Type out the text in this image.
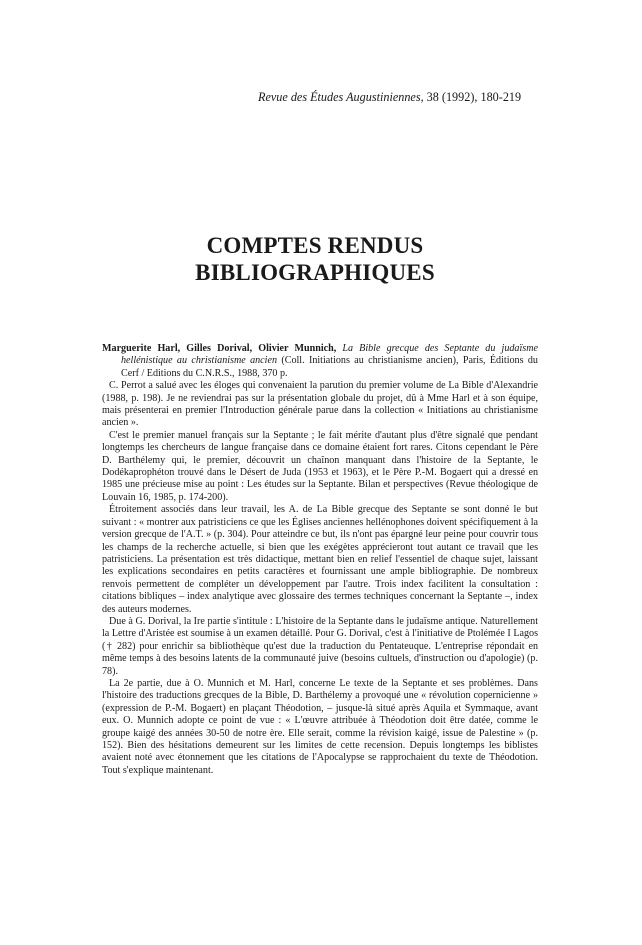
Revue des Études Augustiniennes, 38 (1992), 180-219
COMPTES RENDUS
BIBLIOGRAPHIQUES

Marguerite Harl, Gilles Dorival, Olivier Munnich, La Bible grecque des Septante du judaïsme hellénistique au christianisme ancien (Coll. Initiations au christianisme ancien), Paris, Éditions du Cerf / Editions du C.N.R.S., 1988, 370 p.

C. Perrot a salué avec les éloges qui convenaient la parution du premier volume de La Bible d'Alexandrie (1988, p. 198). Je ne reviendrai pas sur la présentation globale du projet, dû à Mme Harl et à son équipe, mais présenterai en premier l'Introduction générale parue dans la collection « Initiations au christianisme ancien ».

C'est le premier manuel français sur la Septante ; le fait mérite d'autant plus d'être signalé que pendant longtemps les chercheurs de langue française dans ce domaine étaient fort rares. Citons cependant le Père D. Barthélemy qui, le premier, découvrit un chaînon manquant dans l'histoire de la Septante, le Dodékaprophéton trouvé dans le Désert de Juda (1953 et 1963), et le Père P.-M. Bogaert qui a dressé en 1985 une précieuse mise au point : Les études sur la Septante. Bilan et perspectives (Revue théologique de Louvain 16, 1985, p. 174-200).

Étroitement associés dans leur travail, les A. de La Bible grecque des Septante se sont donné le but suivant : « montrer aux patristiciens ce que les Églises anciennes hellénophones doivent spécifiquement à la version grecque de l'A.T. » (p. 304). Pour atteindre ce but, ils n'ont pas épargné leur peine pour couvrir tous les champs de la recherche actuelle, si bien que les exégètes apprécieront tout autant ce travail que les patristiciens. La présentation est très didactique, mettant bien en relief l'essentiel de chaque sujet, laissant les explications secondaires en petits caractères et fournissant une ample bibliographie. De nombreux renvois permettent de compléter un développement par l'autre. Trois index facilitent la consultation : citations bibliques – index analytique avec glossaire des termes techniques concernant la Septante –, index des auteurs modernes.

Due à G. Dorival, la Ire partie s'intitule : L'histoire de la Septante dans le judaïsme antique. Naturellement la Lettre d'Aristée est soumise à un examen détaillé. Pour G. Dorival, c'est à l'initiative de Ptolémée I Lagos († 282) pour enrichir sa bibliothèque qu'est due la traduction du Pentateuque. L'entreprise répondait en même temps à des besoins latents de la communauté juive (besoins cultuels, d'instruction ou d'apologie) (p. 78).

La 2e partie, due à O. Munnich et M. Harl, concerne Le texte de la Septante et ses problèmes. Dans l'histoire des traductions grecques de la Bible, D. Barthélemy a provoqué une « révolution copernicienne » (expression de P.-M. Bogaert) en plaçant Théodotion, – jusque-là situé après Aquila et Symmaque, avant eux. O. Munnich adopte ce point de vue : « L'œuvre attribuée à Théodotion doit être datée, comme le groupe kaigé des années 30-50 de notre ère. Elle serait, comme la révision kaigé, issue de Palestine » (p. 152). Bien des hésitations demeurent sur les limites de cette recension. Depuis longtemps les biblistes avaient noté avec étonnement que les citations de l'Apocalypse se rapprochaient du texte de Théodotion. Tout s'explique maintenant.
